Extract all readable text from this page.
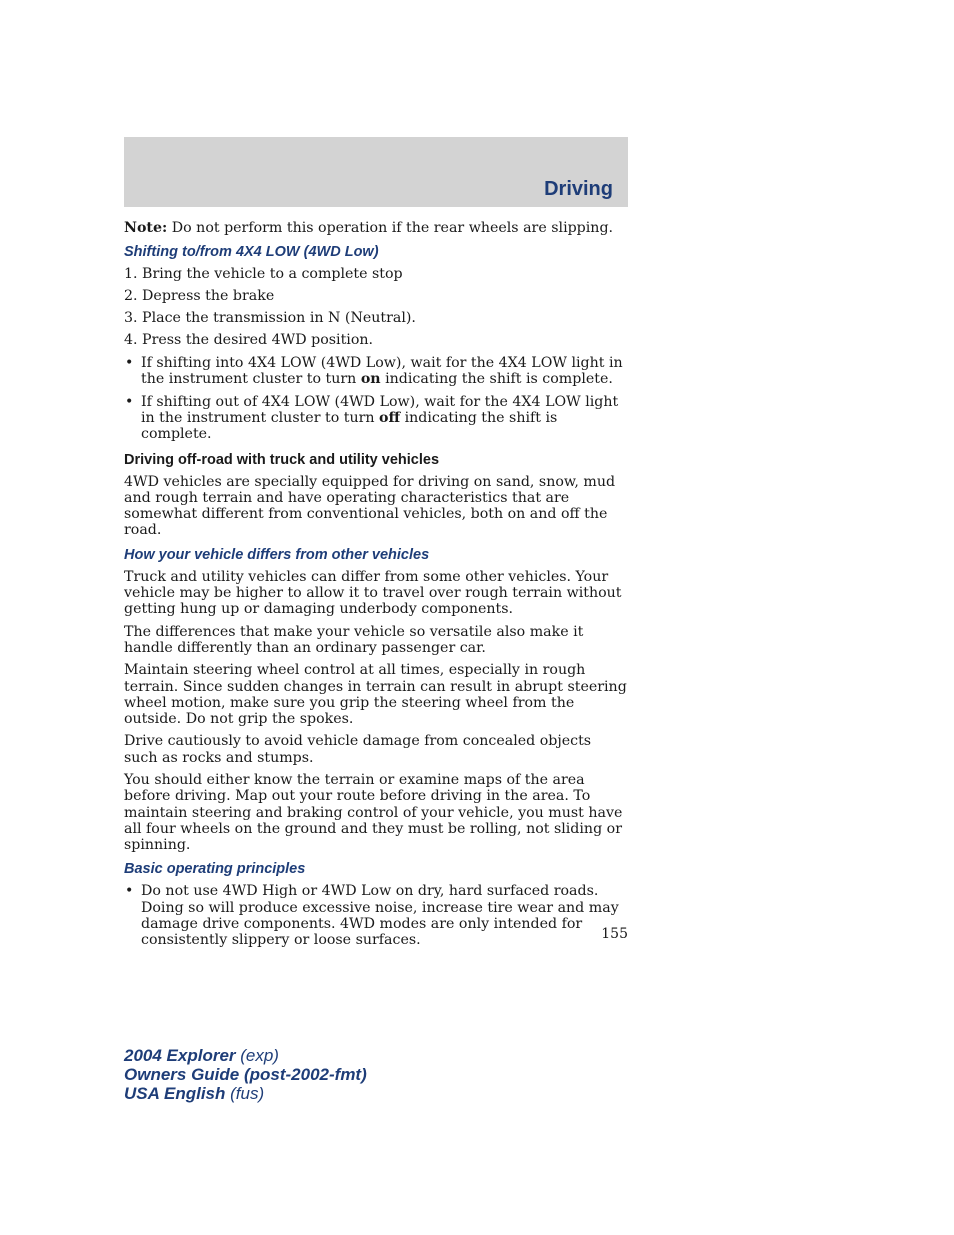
Driving

Note: Do not perform this operation if the rear wheels are slipping.

Shifting to/from 4X4 LOW (4WD Low)
1. Bring the vehicle to a complete stop
2. Depress the brake
3. Place the transmission in N (Neutral).
4. Press the desired 4WD position.
• If shifting into 4X4 LOW (4WD Low), wait for the 4X4 LOW light in the instrument cluster to turn on indicating the shift is complete.
• If shifting out of 4X4 LOW (4WD Low), wait for the 4X4 LOW light in the instrument cluster to turn off indicating the shift is complete.
Driving off-road with truck and utility vehicles

4WD vehicles are specially equipped for driving on sand, snow, mud and rough terrain and have operating characteristics that are somewhat different from conventional vehicles, both on and off the road.

How your vehicle differs from other vehicles

Truck and utility vehicles can differ from some other vehicles. Your vehicle may be higher to allow it to travel over rough terrain without getting hung up or damaging underbody components.

The differences that make your vehicle so versatile also make it handle differently than an ordinary passenger car.

Maintain steering wheel control at all times, especially in rough terrain. Since sudden changes in terrain can result in abrupt steering wheel motion, make sure you grip the steering wheel from the outside. Do not grip the spokes.

Drive cautiously to avoid vehicle damage from concealed objects such as rocks and stumps.

You should either know the terrain or examine maps of the area before driving. Map out your route before driving in the area. To maintain steering and braking control of your vehicle, you must have all four wheels on the ground and they must be rolling, not sliding or spinning.

Basic operating principles
• Do not use 4WD High or 4WD Low on dry, hard surfaced roads. Doing so will produce excessive noise, increase tire wear and may damage drive components. 4WD modes are only intended for consistently slippery or loose surfaces.	155
2004 Explorer (exp)
Owners Guide (post-2002-fmt)
USA English (fus)
